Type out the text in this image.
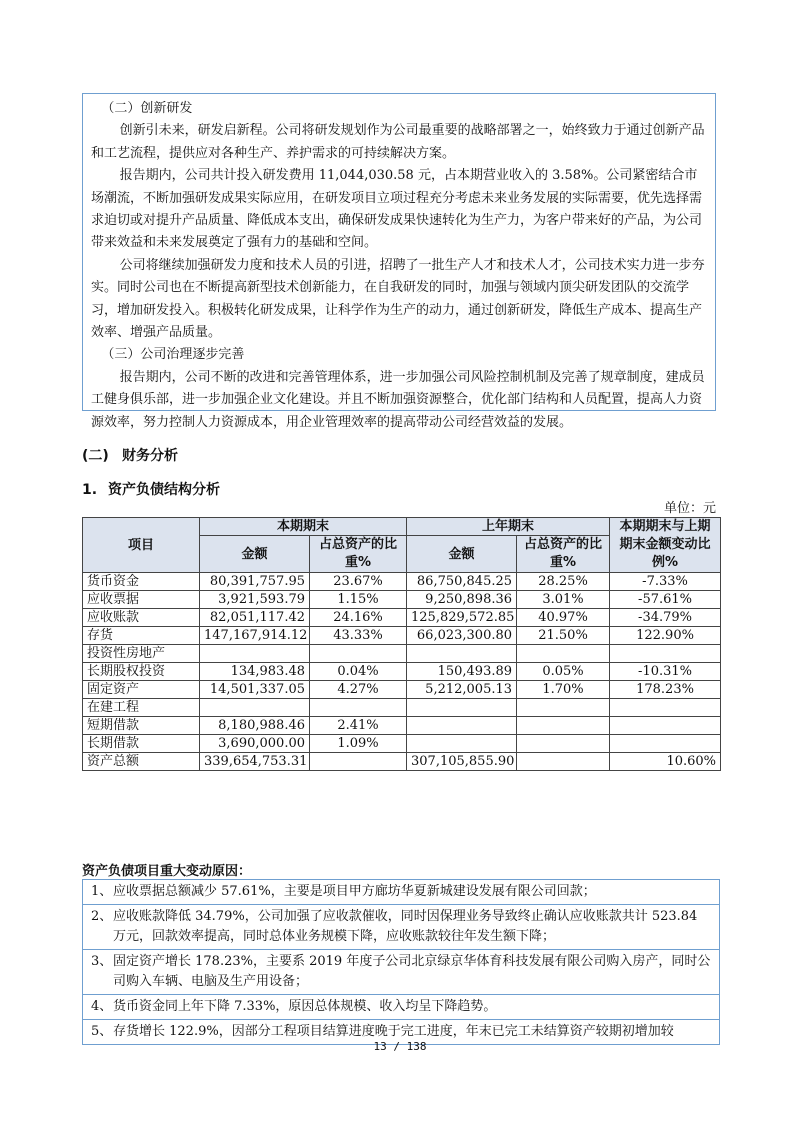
（二）创新研发

创新引未来，研发启新程。公司将研发规划作为公司最重要的战略部署之一，始终致力于通过创新产品和工艺流程，提供应对各种生产、养护需求的可持续解决方案。

报告期内，公司共计投入研发费用 11,044,030.58 元，占本期营业收入的 3.58%。公司紧密结合市场潮流，不断加强研发成果实际应用，在研发项目立项过程充分考虑未来业务发展的实际需要，优先选择需求迫切或对提升产品质量、降低成本支出，确保研发成果快速转化为生产力，为客户带来好的产品，为公司带来效益和未来发展奠定了强有力的基础和空间。

公司将继续加强研发力度和技术人员的引进，招聘了一批生产人才和技术人才，公司技术实力进一步夯实。同时公司也在不断提高新型技术创新能力，在自我研发的同时，加强与领域内顶尖研发团队的交流学习，增加研发投入。积极转化研发成果，让科学作为生产的动力，通过创新研发，降低生产成本、提高生产效率、增强产品质量。

（三）公司治理逐步完善

报告期内，公司不断的改进和完善管理体系，进一步加强公司风险控制机制及完善了规章制度，建成员工健身俱乐部，进一步加强企业文化建设。并且不断加强资源整合，优化部门结构和人员配置，提高人力资源效率，努力控制人力资源成本，用企业管理效率的提高带动公司经营效益的发展。

(二) 财务分析
1. 资产负债结构分析
单位：元
项目	本期期末		上年期末		本期期末与上期期末金额变动比例%
	金额	占总资产的比重%	金额	占总资产的比重%	
货币资金	80,391,757.95	23.67%	86,750,845.25	28.25%	-7.33%
应收票据	3,921,593.79	1.15%	9,250,898.36	3.01%	-57.61%
应收账款	82,051,117.42	24.16%	125,829,572.85	40.97%	-34.79%
存货	147,167,914.12	43.33%	66,023,300.80	21.50%	122.90%
投资性房地产					
长期股权投资	134,983.48	0.04%	150,493.89	0.05%	-10.31%
固定资产	14,501,337.05	4.27%	5,212,005.13	1.70%	178.23%
在建工程					
短期借款	8,180,988.46	2.41%			
长期借款	3,690,000.00	1.09%			
资产总额	339,654,753.31		307,105,855.90		10.60%
资产负债项目重大变动原因：
1、 应收票据总额减少 57.61%，主要是项目甲方廊坊华夏新城建设发展有限公司回款；
2、 应收账款降低 34.79%，公司加强了应收款催收，同时因保理业务导致终止确认应收账款共计 523.84 万元，回款效率提高，同时总体业务规模下降，应收账款较往年发生额下降；
3、 固定资产增长 178.23%，主要系 2019 年度子公司北京绿京华体育科技发展有限公司购入房产，同时公司购入车辆、电脑及生产用设备；
4、 货币资金同上年下降 7.33%，原因总体规模、收入均呈下降趋势。
5、 存货增长 122.9%，因部分工程项目结算进度晚于完工进度，年末已完工未结算资产较期初增加较
13 / 138
